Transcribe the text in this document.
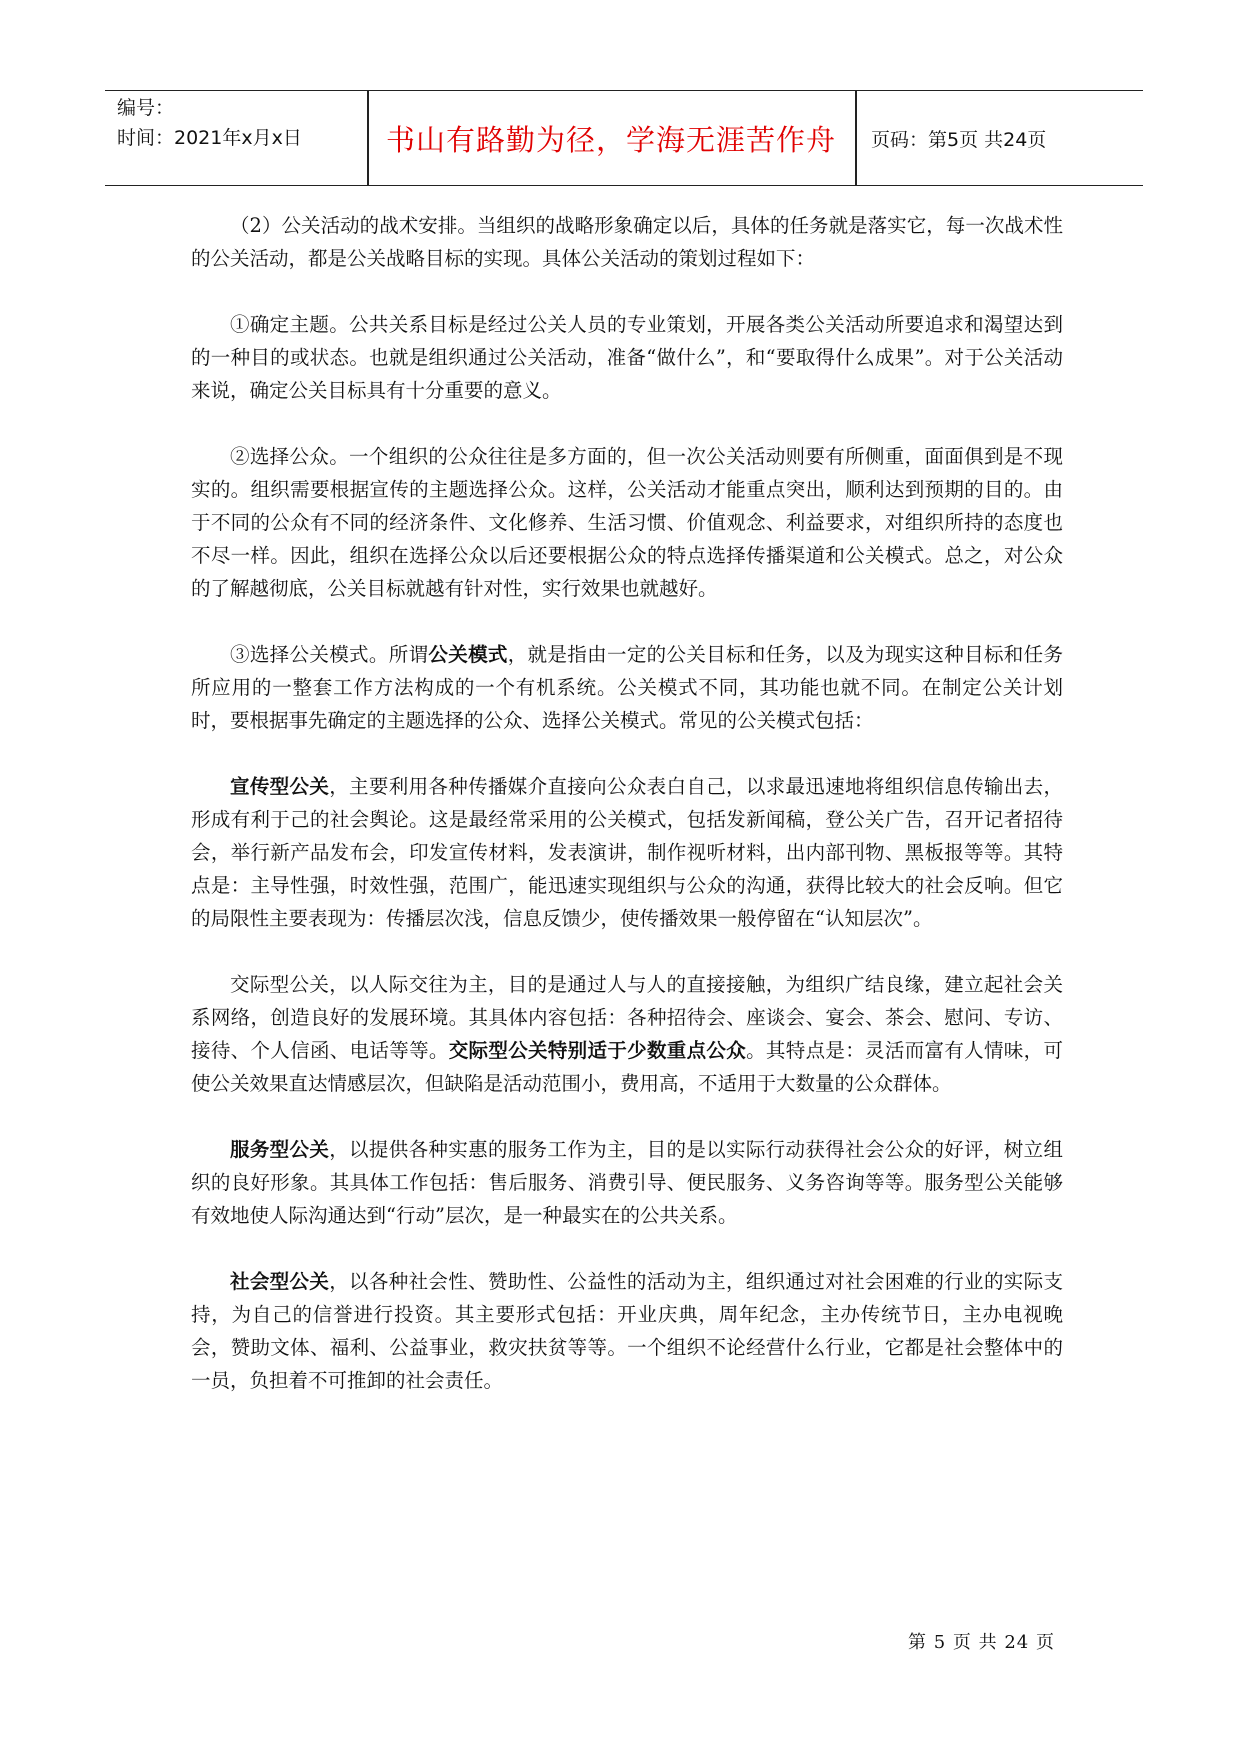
编号：
时间：2021年x月x日	书山有路勤为径，学海无涯苦作舟	页码：第5页 共24页

（2）公关活动的战术安排。当组织的战略形象确定以后，具体的任务就是落实它，每一次战术性的公关活动，都是公关战略目标的实现。具体公关活动的策划过程如下：

①确定主题。公共关系目标是经过公关人员的专业策划，开展各类公关活动所要追求和渴望达到的一种目的或状态。也就是组织通过公关活动，准备“做什么”，和“要取得什么成果”。对于公关活动来说，确定公关目标具有十分重要的意义。

②选择公众。一个组织的公众往往是多方面的，但一次公关活动则要有所侧重，面面俱到是不现实的。组织需要根据宣传的主题选择公众。这样，公关活动才能重点突出，顺利达到预期的目的。由于不同的公众有不同的经济条件、文化修养、生活习惯、价值观念、利益要求，对组织所持的态度也不尽一样。因此，组织在选择公众以后还要根据公众的特点选择传播渠道和公关模式。总之，对公众的了解越彻底，公关目标就越有针对性，实行效果也就越好。

③选择公关模式。所谓公关模式，就是指由一定的公关目标和任务，以及为现实这种目标和任务所应用的一整套工作方法构成的一个有机系统。公关模式不同，其功能也就不同。在制定公关计划时，要根据事先确定的主题选择的公众、选择公关模式。常见的公关模式包括：

宣传型公关，主要利用各种传播媒介直接向公众表白自己，以求最迅速地将组织信息传输出去，形成有利于己的社会舆论。这是最经常采用的公关模式，包括发新闻稿，登公关广告，召开记者招待会，举行新产品发布会，印发宣传材料，发表演讲，制作视听材料，出内部刊物、黑板报等等。其特点是：主导性强，时效性强，范围广，能迅速实现组织与公众的沟通，获得比较大的社会反响。但它的局限性主要表现为：传播层次浅，信息反馈少，使传播效果一般停留在“认知层次”。

交际型公关，以人际交往为主，目的是通过人与人的直接接触，为组织广结良缘，建立起社会关系网络，创造良好的发展环境。其具体内容包括：各种招待会、座谈会、宴会、茶会、慰问、专访、接待、个人信函、电话等等。交际型公关特别适于少数重点公众。其特点是：灵活而富有人情味，可使公关效果直达情感层次，但缺陷是活动范围小，费用高，不适用于大数量的公众群体。

服务型公关，以提供各种实惠的服务工作为主，目的是以实际行动获得社会公众的好评，树立组织的良好形象。其具体工作包括：售后服务、消费引导、便民服务、义务咨询等等。服务型公关能够有效地使人际沟通达到“行动”层次，是一种最实在的公共关系。

社会型公关，以各种社会性、赞助性、公益性的活动为主，组织通过对社会困难的行业的实际支持，为自己的信誉进行投资。其主要形式包括：开业庆典，周年纪念，主办传统节日，主办电视晚会，赞助文体、福利、公益事业，救灾扶贫等等。一个组织不论经营什么行业，它都是社会整体中的一员，负担着不可推卸的社会责任。

第 5 页 共 24 页
